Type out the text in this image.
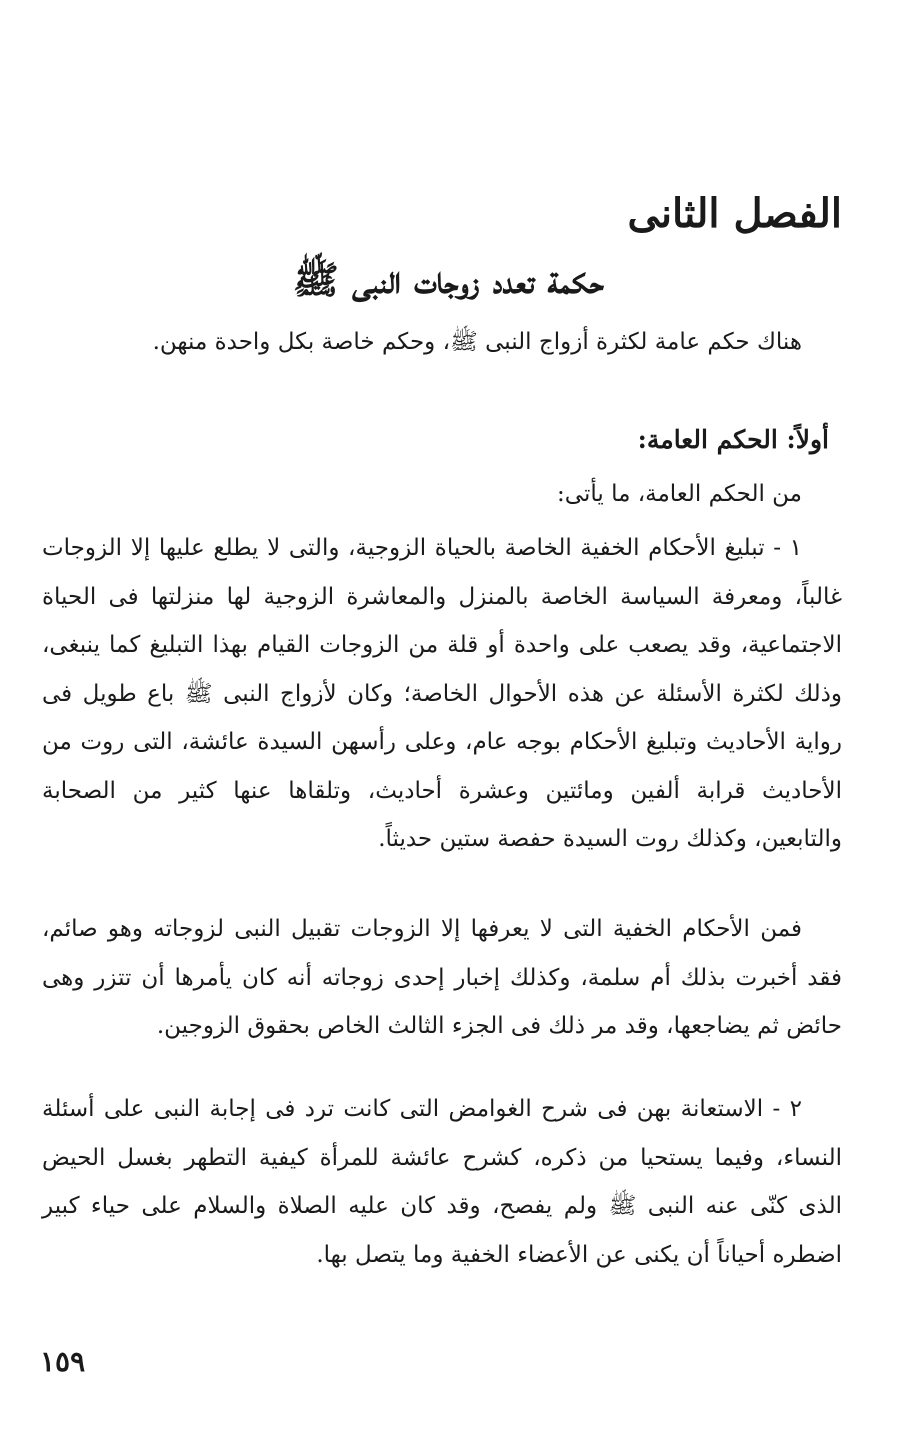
الفصل الثانى
حكمة تعدد زوجات النبى ﷺ

هناك حكم عامة لكثرة أزواج النبى ﷺ، وحكم خاصة بكل واحدة منهن.

أولاً: الحكم العامة:

من الحكم العامة، ما يأتى:

١ - تبليغ الأحكام الخفية الخاصة بالحياة الزوجية، والتى لا يطلع عليها إلا الزوجات غالباً، ومعرفة السياسة الخاصة بالمنزل والمعاشرة الزوجية لها منزلتها فى الحياة الاجتماعية، وقد يصعب على واحدة أو قلة من الزوجات القيام بهذا التبليغ كما ينبغى، وذلك لكثرة الأسئلة عن هذه الأحوال الخاصة؛ وكان لأزواج النبى ﷺ باع طويل فى رواية الأحاديث وتبليغ الأحكام بوجه عام، وعلى رأسهن السيدة عائشة، التى روت من الأحاديث قرابة ألفين ومائتين وعشرة أحاديث، وتلقاها عنها كثير من الصحابة والتابعين، وكذلك روت السيدة حفصة ستين حديثاً.

فمن الأحكام الخفية التى لا يعرفها إلا الزوجات تقبيل النبى لزوجاته وهو صائم، فقد أخبرت بذلك أم سلمة، وكذلك إخبار إحدى زوجاته أنه كان يأمرها أن تتزر وهى حائض ثم يضاجعها، وقد مر ذلك فى الجزء الثالث الخاص بحقوق الزوجين.

٢ - الاستعانة بهن فى شرح الغوامض التى كانت ترد فى إجابة النبى على أسئلة النساء، وفيما يستحيا من ذكره، كشرح عائشة للمرأة كيفية التطهر بغسل الحيض الذى كنّى عنه النبى ﷺ ولم يفصح، وقد كان عليه الصلاة والسلام على حياء كبير اضطره أحياناً أن يكنى عن الأعضاء الخفية وما يتصل بها.

١٥٩
